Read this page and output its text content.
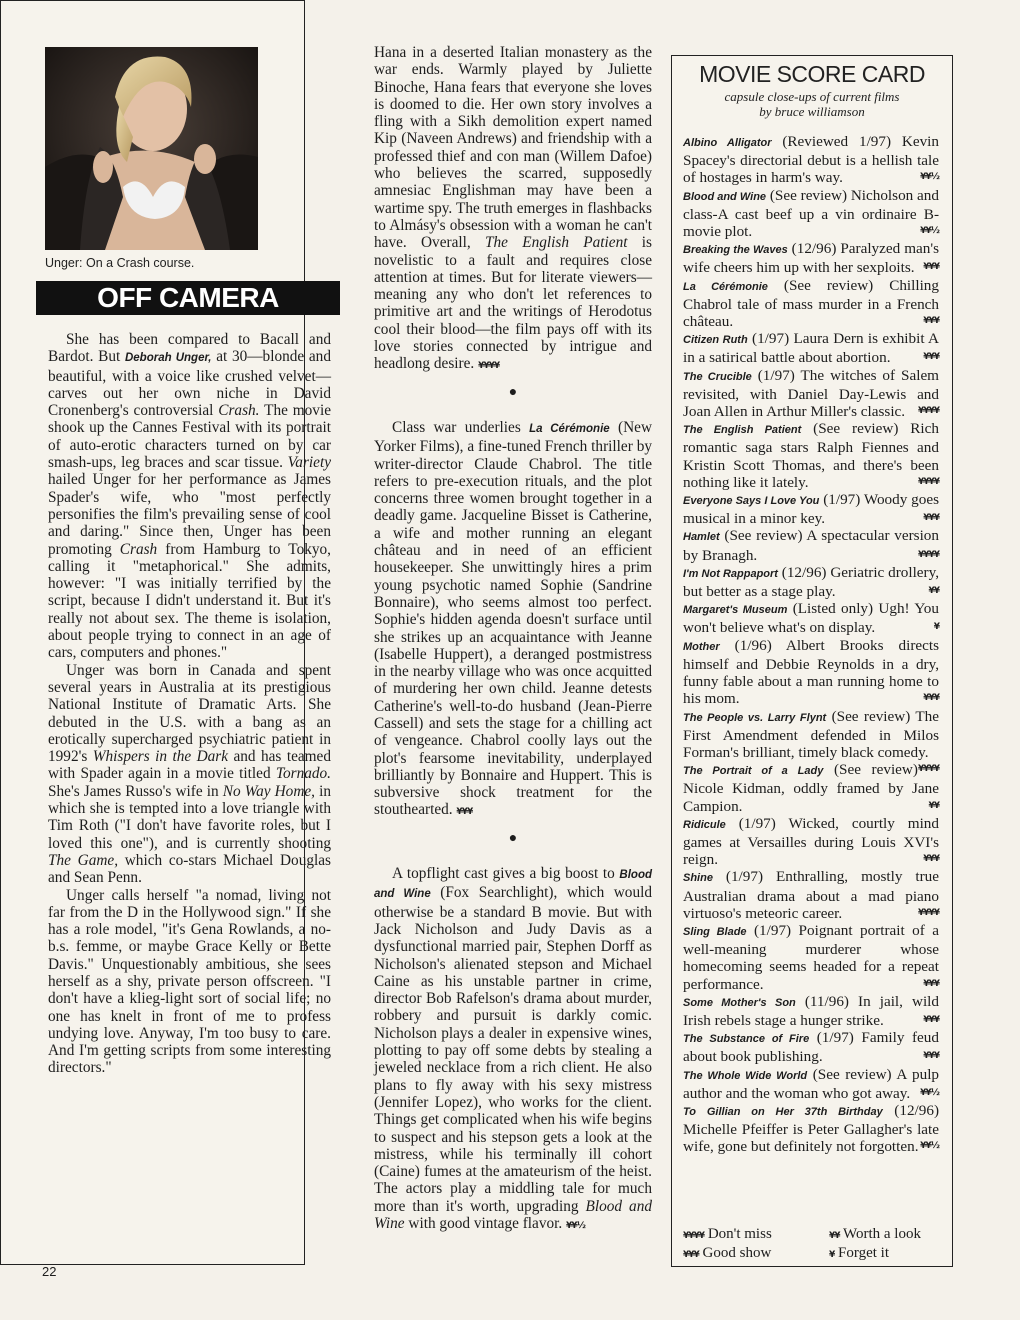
Unger: On a Crash course.
OFF CAMERA

She has been compared to Bacall and Bardot. But Deborah Unger, at 30—blonde and beautiful, with a voice like crushed velvet—carves out her own niche in David Cronenberg's controversial Crash. The movie shook up the Cannes Festival with its portrait of auto-erotic characters turned on by car smash-ups, leg braces and scar tissue. Variety hailed Unger for her performance as James Spader's wife, who "most perfectly personifies the film's prevailing sense of cool and daring." Since then, Unger has been promoting Crash from Hamburg to Tokyo, calling it "metaphorical." She admits, however: "I was initially terrified by the script, because I didn't understand it. But it's really not about sex. The theme is isolation, about people trying to connect in an age of cars, computers and phones."

Unger was born in Canada and spent several years in Australia at its prestigious National Institute of Dramatic Arts. She debuted in the U.S. with a bang as an erotically supercharged psychiatric patient in 1992's Whispers in the Dark and has teamed with Spader again in a movie titled Tornado. She's James Russo's wife in No Way Home, in which she is tempted into a love triangle with Tim Roth ("I don't have favorite roles, but I loved this one"), and is currently shooting The Game, which co-stars Michael Douglas and Sean Penn.

Unger calls herself "a nomad, living not far from the D in the Hollywood sign." If she has a role model, "it's Gena Rowlands, a no-b.s. femme, or maybe Grace Kelly or Bette Davis." Unquestionably ambitious, she sees herself as a shy, private person offscreen. "I don't have a klieg-light sort of social life; no one has knelt in front of me to profess undying love. Anyway, I'm too busy to care. And I'm getting scripts from some interesting directors."

Hana in a deserted Italian monastery as the war ends. Warmly played by Juliette Binoche, Hana fears that everyone she loves is doomed to die. Her own story involves a fling with a Sikh demolition expert named Kip (Naveen Andrews) and friendship with a professed thief and con man (Willem Dafoe) who believes the scarred, supposedly amnesiac Englishman may have been a wartime spy. The truth emerges in flashbacks to Almásy's obsession with a woman he can't have. Overall, The English Patient is novelistic to a fault and requires close attention at times. But for literate viewers—meaning any who don't let references to primitive art and the writings of Herodotus cool their blood—the film pays off with its love stories connected by intrigue and headlong desire. ¥¥¥¥

●

Class war underlies La Cérémonie (New Yorker Films), a fine-tuned French thriller by writer-director Claude Chabrol. The title refers to pre-execution rituals, and the plot concerns three women brought together in a deadly game. Jacqueline Bisset is Catherine, a wife and mother running an elegant château and in need of an efficient housekeeper. She unwittingly hires a prim young psychotic named Sophie (Sandrine Bonnaire), who seems almost too perfect. Sophie's hidden agenda doesn't surface until she strikes up an acquaintance with Jeanne (Isabelle Huppert), a deranged postmistress in the nearby village who was once acquitted of murdering her own child. Jeanne detests Catherine's well-to-do husband (Jean-Pierre Cassell) and sets the stage for a chilling act of vengeance. Chabrol coolly lays out the plot's fearsome inevitability, underplayed brilliantly by Bonnaire and Huppert. This is subversive shock treatment for the stouthearted. ¥¥¥

●

A topflight cast gives a big boost to Blood and Wine (Fox Searchlight), which would otherwise be a standard B movie. But with Jack Nicholson and Judy Davis as a dysfunctional married pair, Stephen Dorff as Nicholson's alienated stepson and Michael Caine as his unstable partner in crime, director Bob Rafelson's drama about murder, robbery and pursuit is darkly comic. Nicholson plays a dealer in expensive wines, plotting to pay off some debts by stealing a jeweled necklace from a rich client. He also plans to fly away with his sexy mistress (Jennifer Lopez), who works for the client. Things get complicated when his wife begins to suspect and his stepson gets a look at the mistress, while his terminally ill cohort (Caine) fumes at the amateurism of the heist. The actors play a middling tale for much more than it's worth, upgrading Blood and Wine with good vintage flavor. ¥¥½

MOVIE SCORE CARD
capsule close-ups of current films
by bruce williamson
Albino Alligator (Reviewed 1/97) Kevin Spacey's directorial debut is a hellish tale of hostages in harm's way.	¥¥½
Blood and Wine (See review) Nicholson and class-A cast beef up a vin ordinaire B-movie plot.	¥¥½
Breaking the Waves (12/96) Paralyzed man's wife cheers him up with her sexploits. ¥¥¥
La Cérémonie (See review) Chilling Chabrol tale of mass murder in a French château.	¥¥¥
Citizen Ruth (1/97) Laura Dern is exhibit A in a satirical battle about abortion.	¥¥¥
The Crucible (1/97) The witches of Salem revisited, with Daniel Day-Lewis and Joan Allen in Arthur Miller's classic. ¥¥¥¥
The English Patient (See review) Rich romantic saga stars Ralph Fiennes and Kristin Scott Thomas, and there's been nothing like it lately.	¥¥¥¥
Everyone Says I Love You (1/97) Woody goes musical in a minor key.	¥¥¥
Hamlet (See review) A spectacular version by Branagh.	¥¥¥¥
I'm Not Rappaport (12/96) Geriatric drollery, but better as a stage play.	¥¥
Margaret's Museum (Listed only) Ugh! You won't believe what's on display.	¥
Mother (1/96) Albert Brooks directs himself and Debbie Reynolds in a dry, funny fable about a man running home to his mom.	¥¥¥
The People vs. Larry Flynt (See review) The First Amendment defended in Milos Forman's brilliant, timely black comedy.
¥¥¥¥
The Portrait of a Lady (See review) Nicole Kidman, oddly framed by Jane Campion.	¥¥
Ridicule (1/97) Wicked, courtly mind games at Versailles during Louis XVI's reign.	¥¥¥
Shine (1/97) Enthralling, mostly true Australian drama about a mad piano virtuoso's meteoric career.	¥¥¥¥
Sling Blade (1/97) Poignant portrait of a well-meaning murderer whose homecoming seems headed for a repeat performance.	¥¥¥
Some Mother's Son (11/96) In jail, wild Irish rebels stage a hunger strike.	¥¥¥
The Substance of Fire (1/97) Family feud about book publishing.	¥¥¥
The Whole Wide World (See review) A pulp author and the woman who got away. ¥¥½
To Gillian on Her 37th Birthday (12/96) Michelle Pfeiffer is Peter Gallagher's late wife, gone but definitely not forgotten. ¥¥½
¥¥¥¥ Don't miss	¥¥ Worth a look
¥¥¥ Good show	¥ Forget it
22
